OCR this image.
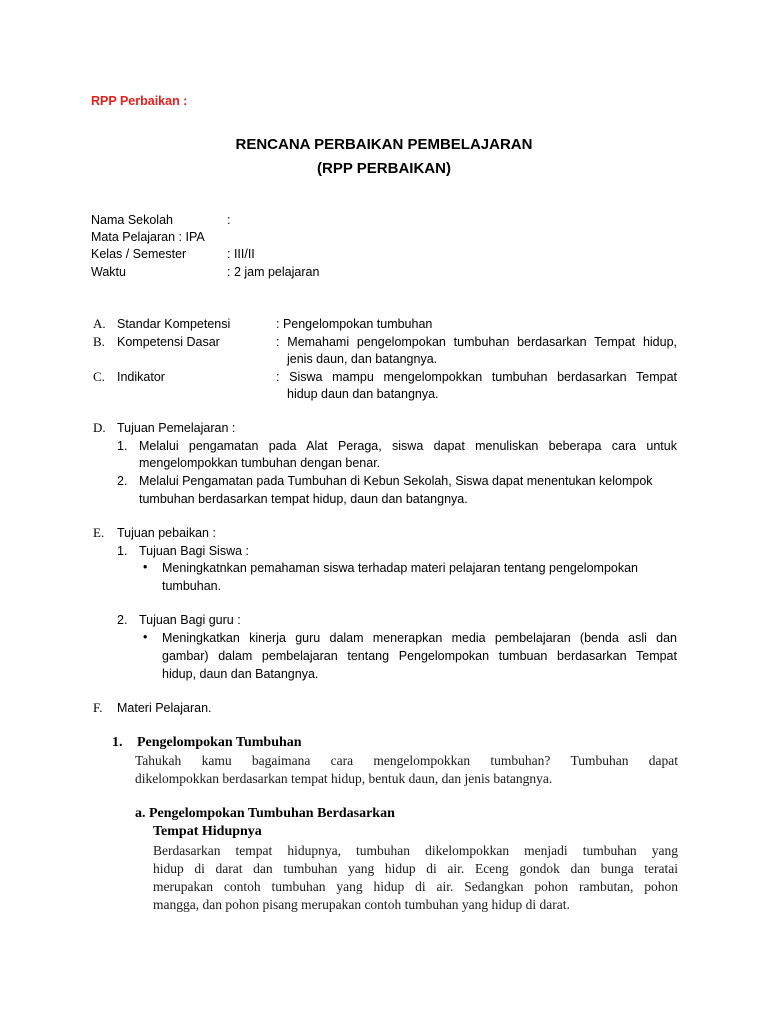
RPP Perbaikan :
RENCANA PERBAIKAN PEMBELAJARAN
(RPP PERBAIKAN)
Nama Sekolah	:
Mata Pelajaran : IPA
Kelas / Semester	: III/II
Waktu	: 2 jam pelajaran
A. Standar Kompetensi	: Pengelompokan tumbuhan
B. Kompetensi Dasar	: Memahami pengelompokan tumbuhan berdasarkan Tempat hidup,
jenis daun, dan batangnya.
C. Indikator	: Siswa mampu mengelompokkan tumbuhan berdasarkan Tempat
hidup daun dan batangnya.
D. Tujuan Pemelajaran :
1. Melalui pengamatan pada Alat Peraga, siswa dapat menuliskan beberapa cara untuk
mengelompokkan tumbuhan dengan benar.
2. Melalui Pengamatan pada Tumbuhan di Kebun Sekolah, Siswa dapat menentukan kelompok
tumbuhan berdasarkan tempat hidup, daun dan batangnya.
E. Tujuan pebaikan :
1. Tujuan Bagi Siswa :
• Meningkatnkan pemahaman siswa terhadap materi pelajaran tentang pengelompokan
tumbuhan.
2. Tujuan Bagi guru :
• Meningkatkan kinerja guru dalam menerapkan media pembelajaran (benda asli dan
gambar) dalam pembelajaran tentang Pengelompokan tumbuan berdasarkan Tempat
hidup, daun dan Batangnya.
F. Materi Pelajaran.
1. Pengelompokan Tumbuhan
Tahukah kamu bagaimana cara mengelompokkan tumbuhan? Tumbuhan dapat
dikelompokkan berdasarkan tempat hidup, bentuk daun, dan jenis batangnya.
a. Pengelompokan Tumbuhan Berdasarkan
Tempat Hidupnya
Berdasarkan tempat hidupnya, tumbuhan dikelompokkan menjadi tumbuhan yang
hidup di darat dan tumbuhan yang hidup di air. Eceng gondok dan bunga teratai
merupakan contoh tumbuhan yang hidup di air. Sedangkan pohon rambutan, pohon
mangga, dan pohon pisang merupakan contoh tumbuhan yang hidup di darat.
